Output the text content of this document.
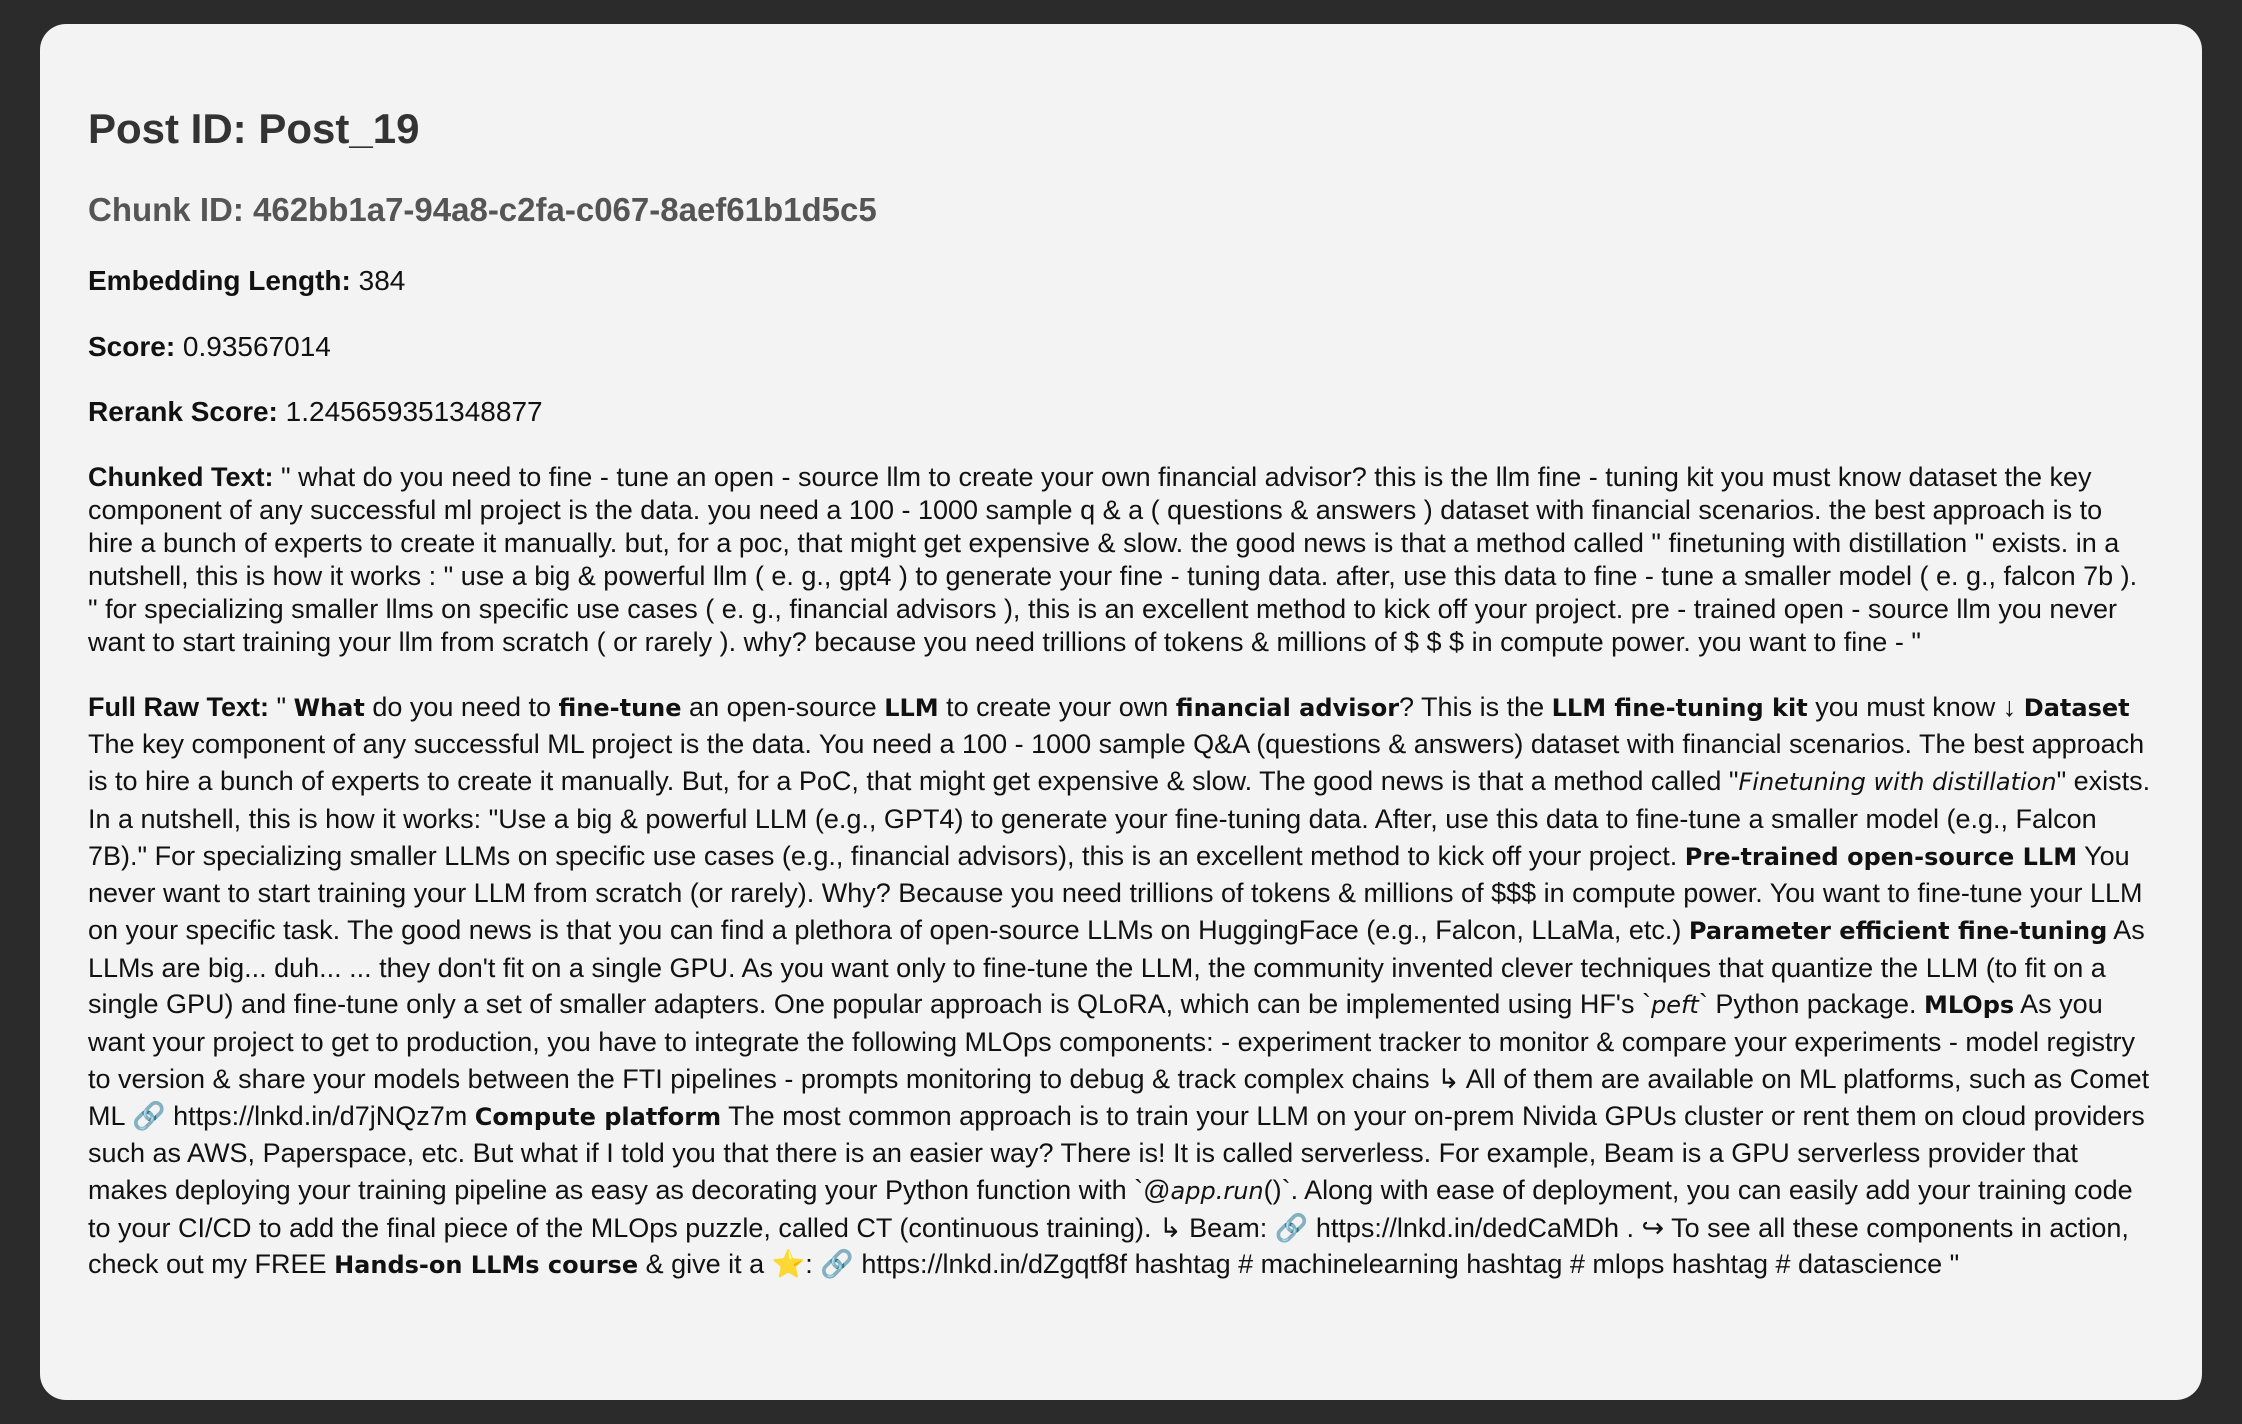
Post ID: Post_19
Chunk ID: 462bb1a7-94a8-c2fa-c067-8aef61b1d5c5

Embedding Length: 384

Score: 0.93567014

Rerank Score: 1.245659351348877

Chunked Text: " what do you need to fine - tune an open - source llm to create your own financial advisor? this is the llm fine - tuning kit you must know dataset the key component of any successful ml project is the data. you need a 100 - 1000 sample q & a ( questions & answers ) dataset with financial scenarios. the best approach is to hire a bunch of experts to create it manually. but, for a poc, that might get expensive & slow. the good news is that a method called " finetuning with distillation " exists. in a nutshell, this is how it works : " use a big & powerful llm ( e. g., gpt4 ) to generate your fine - tuning data. after, use this data to fine - tune a smaller model ( e. g., falcon 7b ). " for specializing smaller llms on specific use cases ( e. g., financial advisors ), this is an excellent method to kick off your project. pre - trained open - source llm you never want to start training your llm from scratch ( or rarely ). why? because you need trillions of tokens & millions of $ $ $ in compute power. you want to fine - "

Full Raw Text: " What do you need to fine-tune an open-source LLM to create your own financial advisor? This is the LLM fine-tuning kit you must know ↓ Dataset The key component of any successful ML project is the data. You need a 100 - 1000 sample Q&A (questions & answers) dataset with financial scenarios. The best approach is to hire a bunch of experts to create it manually. But, for a PoC, that might get expensive & slow. The good news is that a method called "Finetuning with distillation" exists. In a nutshell, this is how it works: "Use a big & powerful LLM (e.g., GPT4) to generate your fine-tuning data. After, use this data to fine-tune a smaller model (e.g., Falcon 7B)." For specializing smaller LLMs on specific use cases (e.g., financial advisors), this is an excellent method to kick off your project. Pre-trained open-source LLM You never want to start training your LLM from scratch (or rarely). Why? Because you need trillions of tokens & millions of $$$ in compute power. You want to fine-tune your LLM on your specific task. The good news is that you can find a plethora of open-source LLMs on HuggingFace (e.g., Falcon, LLaMa, etc.) Parameter efficient fine-tuning As LLMs are big... duh... ... they don't fit on a single GPU. As you want only to fine-tune the LLM, the community invented clever techniques that quantize the LLM (to fit on a single GPU) and fine-tune only a set of smaller adapters. One popular approach is QLoRA, which can be implemented using HF's `peft` Python package. MLOps As you want your project to get to production, you have to integrate the following MLOps components: - experiment tracker to monitor & compare your experiments - model registry to version & share your models between the FTI pipelines - prompts monitoring to debug & track complex chains ↳ All of them are available on ML platforms, such as Comet ML 🔗 https://lnkd.in/d7jNQz7m Compute platform The most common approach is to train your LLM on your on-prem Nivida GPUs cluster or rent them on cloud providers such as AWS, Paperspace, etc. But what if I told you that there is an easier way? There is! It is called serverless. For example, Beam is a GPU serverless provider that makes deploying your training pipeline as easy as decorating your Python function with `@app.run()`. Along with ease of deployment, you can easily add your training code to your CI/CD to add the final piece of the MLOps puzzle, called CT (continuous training). ↳ Beam: 🔗 https://lnkd.in/dedCaMDh . ↪ To see all these components in action, check out my FREE Hands-on LLMs course & give it a ⭐: 🔗 https://lnkd.in/dZgqtf8f hashtag # machinelearning hashtag # mlops hashtag # datascience "
